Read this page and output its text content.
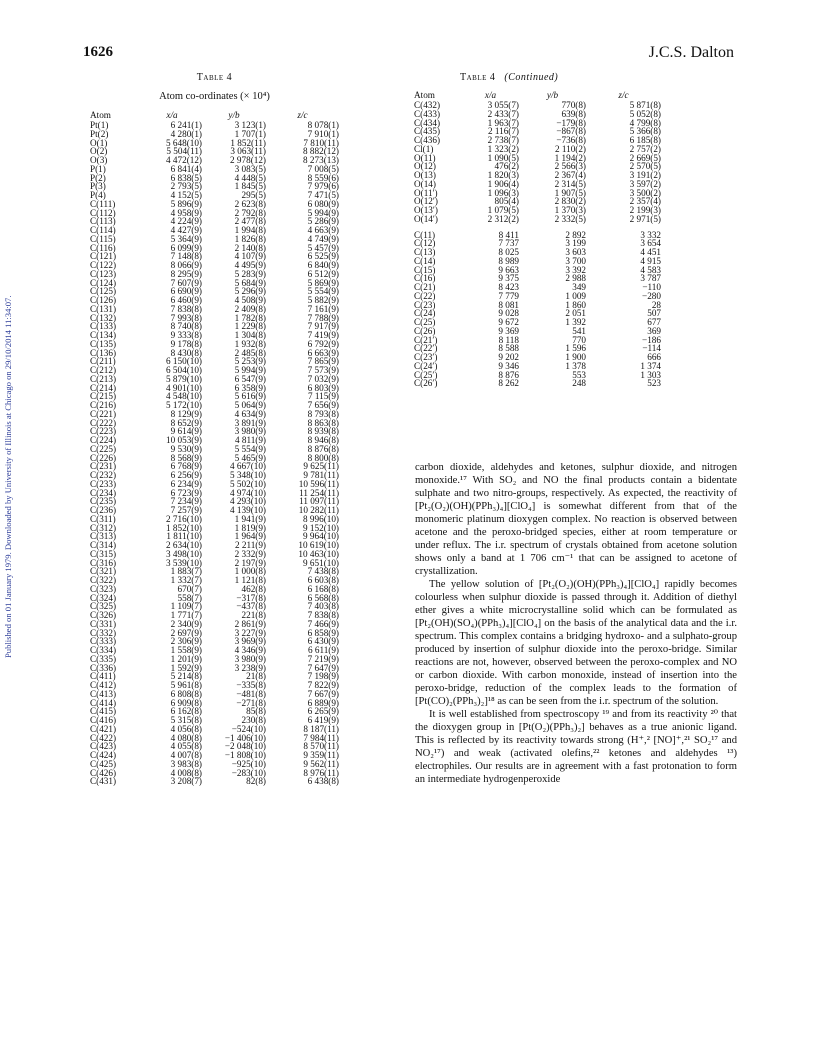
1626	J.C.S. Dalton
Published on 01 January 1979. Downloaded by University of Illinois at Chicago on 29/10/2014 11:34:07.
Table 4
Atom co-ordinates (× 10⁴)
Atom	x/a	y/b	z/c
Pt(1)	6 241(1)	3 123(1)	8 078(1)
Pt(2)	4 280(1)	1 707(1)	7 910(1)
O(1)	5 648(10)	1 852(11)	7 810(11)
O(2)	5 504(11)	3 063(11)	8 882(12)
O(3)	4 472(12)	2 978(12)	8 273(13)
P(1)	6 841(4)	3 083(5)	7 008(5)
P(2)	6 838(5)	4 448(5)	8 559(6)
P(3)	2 793(5)	1 845(5)	7 979(6)
P(4)	4 152(5)	295(5)	7 471(5)
C(111)	5 896(9)	2 623(8)	6 080(9)
C(112)	4 958(9)	2 792(8)	5 994(9)
C(113)	4 224(9)	2 477(8)	5 286(9)
C(114)	4 427(9)	1 994(8)	4 663(9)
C(115)	5 364(9)	1 826(8)	4 749(9)
C(116)	6 099(9)	2 140(8)	5 457(9)
C(121)	7 148(8)	4 107(9)	6 525(9)
C(122)	8 066(9)	4 495(9)	6 840(9)
C(123)	8 295(9)	5 283(9)	6 512(9)
C(124)	7 607(9)	5 684(9)	5 869(9)
C(125)	6 690(9)	5 296(9)	5 554(9)
C(126)	6 460(9)	4 508(9)	5 882(9)
C(131)	7 838(8)	2 409(8)	7 161(9)
C(132)	7 993(8)	1 782(8)	7 788(9)
C(133)	8 740(8)	1 229(8)	7 917(9)
C(134)	9 333(8)	1 304(8)	7 419(9)
C(135)	9 178(8)	1 932(8)	6 792(9)
C(136)	8 430(8)	2 485(8)	6 663(9)
C(211)	6 150(10)	5 253(9)	7 865(9)
C(212)	6 504(10)	5 994(9)	7 573(9)
C(213)	5 879(10)	6 547(9)	7 032(9)
C(214)	4 901(10)	6 358(9)	6 803(9)
C(215)	4 548(10)	5 616(9)	7 115(9)
C(216)	5 172(10)	5 064(9)	7 656(9)
C(221)	8 129(9)	4 634(9)	8 793(8)
C(222)	8 652(9)	3 891(9)	8 863(8)
C(223)	9 614(9)	3 980(9)	8 939(8)
C(224)	10 053(9)	4 811(9)	8 946(8)
C(225)	9 530(9)	5 554(9)	8 876(8)
C(226)	8 568(9)	5 465(9)	8 800(8)
C(231)	6 768(9)	4 667(10)	9 625(11)
C(232)	6 256(9)	5 348(10)	9 781(11)
C(233)	6 234(9)	5 502(10)	10 596(11)
C(234)	6 723(9)	4 974(10)	11 254(11)
C(235)	7 234(9)	4 293(10)	11 097(11)
C(236)	7 257(9)	4 139(10)	10 282(11)
C(311)	2 716(10)	1 941(9)	8 996(10)
C(312)	1 852(10)	1 819(9)	9 152(10)
C(313)	1 811(10)	1 964(9)	9 964(10)
C(314)	2 634(10)	2 211(9)	10 619(10)
C(315)	3 498(10)	2 332(9)	10 463(10)
C(316)	3 539(10)	2 197(9)	9 651(10)
C(321)	1 883(7)	1 000(8)	7 438(8)
C(322)	1 332(7)	1 121(8)	6 603(8)
C(323)	670(7)	462(8)	6 168(8)
C(324)	558(7)	−317(8)	6 568(8)
C(325)	1 109(7)	−437(8)	7 403(8)
C(326)	1 771(7)	221(8)	7 838(8)
C(331)	2 340(9)	2 861(9)	7 466(9)
C(332)	2 697(9)	3 227(9)	6 858(9)
C(333)	2 306(9)	3 969(9)	6 430(9)
C(334)	1 558(9)	4 346(9)	6 611(9)
C(335)	1 201(9)	3 980(9)	7 219(9)
C(336)	1 592(9)	3 238(9)	7 647(9)
C(411)	5 214(8)	21(8)	7 198(9)
C(412)	5 961(8)	−335(8)	7 822(9)
C(413)	6 808(8)	−481(8)	7 667(9)
C(414)	6 909(8)	−271(8)	6 889(9)
C(415)	6 162(8)	85(8)	6 265(9)
C(416)	5 315(8)	230(8)	6 419(9)
C(421)	4 056(8)	−524(10)	8 187(11)
C(422)	4 080(8)	−1 406(10)	7 984(11)
C(423)	4 055(8)	−2 048(10)	8 570(11)
C(424)	4 007(8)	−1 808(10)	9 359(11)
C(425)	3 983(8)	−925(10)	9 562(11)
C(426)	4 008(8)	−283(10)	8 976(11)
C(431)	3 208(7)	82(8)	6 438(8)
Table 4 (Continued)
Atom	x/a	y/b	z/c
C(432)	3 055(7)	770(8)	5 871(8)
C(433)	2 433(7)	639(8)	5 052(8)
C(434)	1 963(7)	−179(8)	4 799(8)
C(435)	2 116(7)	−867(8)	5 366(8)
C(436)	2 738(7)	−736(8)	6 185(8)
Cl(1)	1 323(2)	2 110(2)	2 757(2)
O(11)	1 090(5)	1 194(2)	2 669(5)
O(12)	476(2)	2 566(3)	2 570(5)
O(13)	1 820(3)	2 367(4)	3 191(2)
O(14)	1 906(4)	2 314(5)	3 597(2)
O(11′)	1 096(3)	1 907(5)	3 500(2)
O(12′)	805(4)	2 830(2)	2 357(4)
O(13′)	1 079(5)	1 370(3)	2 199(3)
O(14′)	2 312(2)	2 332(5)	2 971(5)
C(11)	8 411	2 892	3 332
C(12)	7 737	3 199	3 654
C(13)	8 025	3 603	4 451
C(14)	8 989	3 700	4 915
C(15)	9 663	3 392	4 583
C(16)	9 375	2 988	3 787
C(21)	8 423	349	−110
C(22)	7 779	1 009	−280
C(23)	8 081	1 860	28
C(24)	9 028	2 051	507
C(25)	9 672	1 392	677
C(26)	9 369	541	369
C(21′)	8 118	770	−186
C(22′)	8 588	1 596	−114
C(23′)	9 202	1 900	666
C(24′)	9 346	1 378	1 374
C(25′)	8 876	553	1 303
C(26′)	8 262	248	523

carbon dioxide, aldehydes and ketones, sulphur dioxide, and nitrogen monoxide.¹⁷ With SO₂ and NO the final products contain a bidentate sulphate and two nitro-groups, respectively. As expected, the reactivity of [Pt₂(O₂)(OH)(PPh₃)₄][ClO₄] is somewhat different from that of the monomeric platinum dioxygen complex. No reaction is observed between acetone and the peroxo-bridged species, either at room temperature or under reflux. The i.r. spectrum of crystals obtained from acetone solution shows only a band at 1 706 cm⁻¹ that can be assigned to acetone of crystallization.

The yellow solution of [Pt₂(O₂)(OH)(PPh₃)₄][ClO₄] rapidly becomes colourless when sulphur dioxide is passed through it. Addition of diethyl ether gives a white microcrystalline solid which can be formulated as [Pt₂(OH)(SO₄)(PPh₃)₄][ClO₄] on the basis of the analytical data and the i.r. spectrum. This complex contains a bridging hydroxo- and a sulphato-group produced by insertion of sulphur dioxide into the peroxo-bridge. Similar reactions are not, however, observed between the peroxo-complex and NO or carbon dioxide. With carbon monoxide, instead of insertion into the peroxo-bridge, reduction of the complex leads to the formation of [Pt(CO)₂(PPh₃)₂]¹⁸ as can be seen from the i.r. spectrum of the solution.

It is well established from spectroscopy ¹⁹ and from its reactivity ²⁰ that the dioxygen group in [Pt(O₂)(PPh₃)₂] behaves as a true anionic ligand. This is reflected by its reactivity towards strong (H⁺,² [NO]⁺,²¹ SO₂¹⁷ and NO₂¹⁷) and weak (activated olefins,²² ketones and aldehydes ¹³) electrophiles. Our results are in agreement with a fast protonation to form an intermediate hydrogenperoxide
